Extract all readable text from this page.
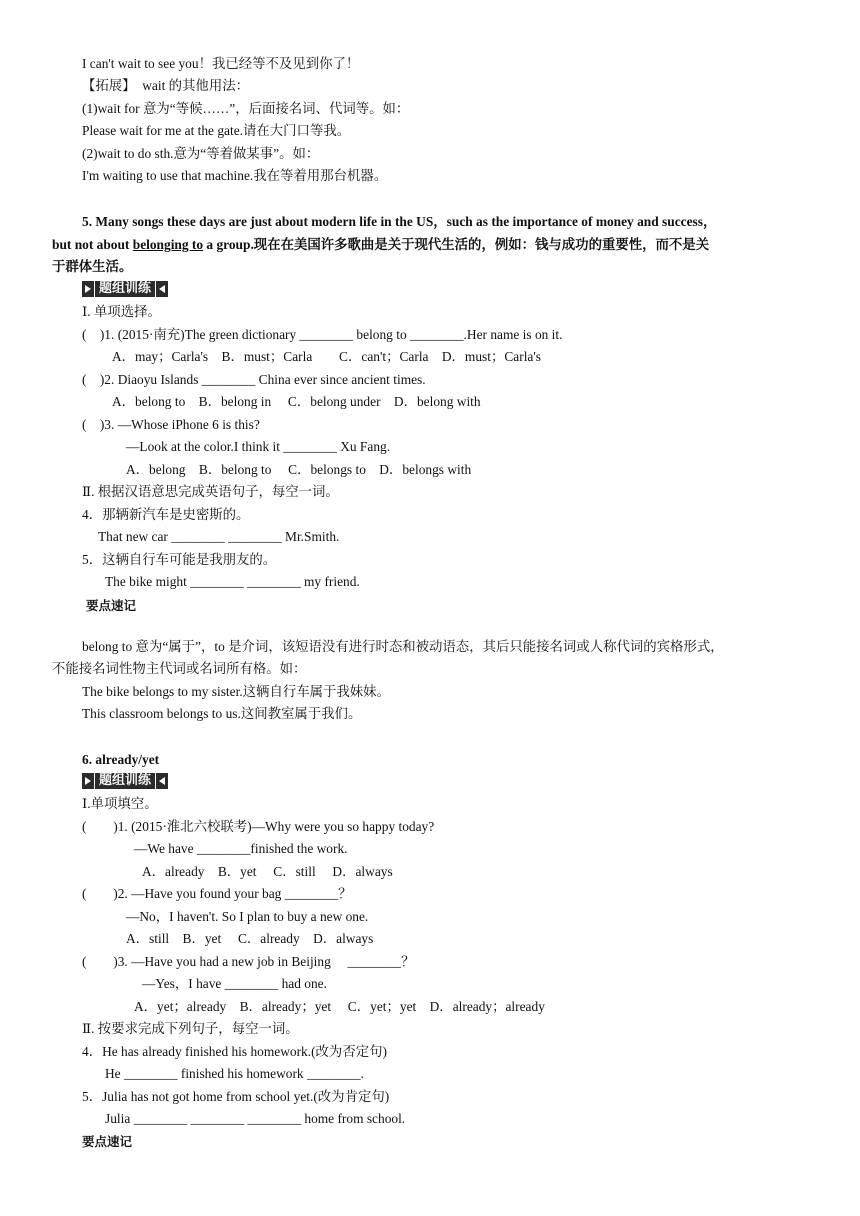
I can't wait to see you！我已经等不及见到你了！
【拓展】　wait 的其他用法：
(1)wait for 意为“等候……”，后面接名词、代词等。如：
Please wait for me at the gate.请在大门口等我。
(2)wait to do sth.意为“等着做某事”。如：
I'm waiting to use that machine.我在等着用那台机器。
5. Many songs these days are just about modern life in the US，such as the importance of money and success，
but not about belonging to a group.现在在美国许多歌曲是关于现代生活的，例如：钱与成功的重要性，而不是关
于群体生活。
题组训练
Ⅰ. 单项选择。
(　)1. (2015·南充)The green dictionary ________ belong to ________.Her name is on it.
A．may；Carla's　B．must；Carla　　C．can't；Carla　D．must；Carla's
(　)2. Diaoyu Islands ________ China ever since ancient times.
A．belong to　B．belong in　 C．belong under　D．belong with
(　)3. —Whose iPhone 6 is this?
—Look at the color.I think it ________ Xu Fang.
A．belong　B．belong to　 C．belongs to　D．belongs with
Ⅱ. 根据汉语意思完成英语句子，每空一词。
4．那辆新汽车是史密斯的。
That new car ________ ________ Mr.Smith.
5．这辆自行车可能是我朋友的。
The bike might ________ ________ my friend.
要点速记
belong to 意为“属于”，to 是介词，该短语没有进行时态和被动语态，其后只能接名词或人称代词的宾格形式，
不能接名词性物主代词或名词所有格。如：
The bike belongs to my sister.这辆自行车属于我妹妹。
This classroom belongs to us.这间教室属于我们。
6. already/yet
题组训练
Ⅰ.单项填空。
(　　)1. (2015·淮北六校联考)—Why were you so happy today?
—We have ________finished the work.
A．already　B．yet　 C．still　 D．always
(　　)2. —Have you found your bag ________？
—No，I haven't. So I plan to buy a new one.
A．still　B．yet　 C．already　D．always
(　　)3. —Have you had a new job in Beijing　 ________？
—Yes，I have ________ had one.
A．yet；already　B．already；yet　 C．yet；yet　D．already；already
Ⅱ. 按要求完成下列句子，每空一词。
4．He has already finished his homework.(改为否定句)
He ________ finished his homework ________.
5．Julia has not got home from school yet.(改为肯定句)
Julia ________ ________ ________ home from school.
要点速记
